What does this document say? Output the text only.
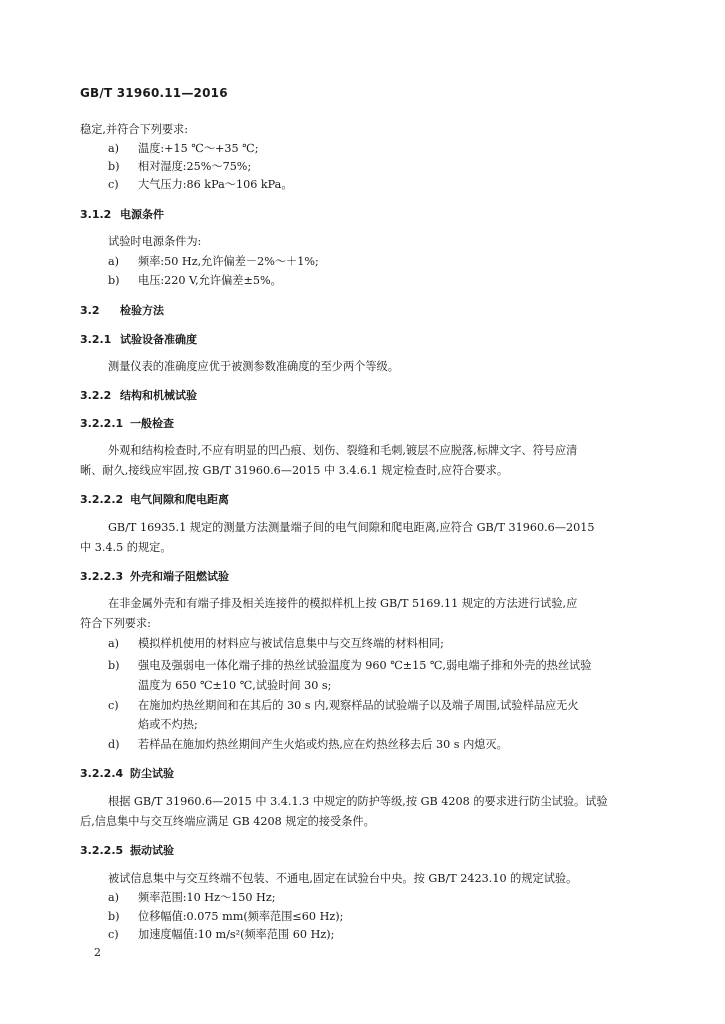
GB/T 31960.11—2016
稳定,并符合下列要求:
a) 温度:+15 ℃～+35 ℃;
b) 相对湿度:25%～75%;
c) 大气压力:86 kPa～106 kPa。
3.1.2 电源条件
试验时电源条件为:
a) 频率:50 Hz,允许偏差－2%～＋1%;
b) 电压:220 V,允许偏差±5%。
3.2 检验方法
3.2.1 试验设备准确度
测量仪表的准确度应优于被测参数准确度的至少两个等级。
3.2.2 结构和机械试验
3.2.2.1 一般检查
外观和结构检查时,不应有明显的凹凸痕、划伤、裂缝和毛刺,镀层不应脱落,标牌文字、符号应清
晰、耐久,接线应牢固,按 GB/T 31960.6—2015 中 3.4.6.1 规定检查时,应符合要求。
3.2.2.2 电气间隙和爬电距离
GB/T 16935.1 规定的测量方法测量端子间的电气间隙和爬电距离,应符合 GB/T 31960.6—2015
中 3.4.5 的规定。
3.2.2.3 外壳和端子阻燃试验
在非金属外壳和有端子排及相关连接件的模拟样机上按 GB/T 5169.11 规定的方法进行试验,应
符合下列要求:
a) 模拟样机使用的材料应与被试信息集中与交互终端的材料相同;
b) 强电及强弱电一体化端子排的热丝试验温度为 960 ℃±15 ℃,弱电端子排和外壳的热丝试验
温度为 650 ℃±10 ℃,试验时间 30 s;
c) 在施加灼热丝期间和在其后的 30 s 内,观察样品的试验端子以及端子周围,试验样品应无火
焰或不灼热;
d) 若样品在施加灼热丝期间产生火焰或灼热,应在灼热丝移去后 30 s 内熄灭。
3.2.2.4 防尘试验
根据 GB/T 31960.6—2015 中 3.4.1.3 中规定的防护等级,按 GB 4208 的要求进行防尘试验。试验
后,信息集中与交互终端应满足 GB 4208 规定的接受条件。
3.2.2.5 振动试验
被试信息集中与交互终端不包装、不通电,固定在试验台中央。按 GB/T 2423.10 的规定试验。
a) 频率范围:10 Hz～150 Hz;
b) 位移幅值:0.075 mm(频率范围≤60 Hz);
c) 加速度幅值:10 m/s²(频率范围 60 Hz);
2
